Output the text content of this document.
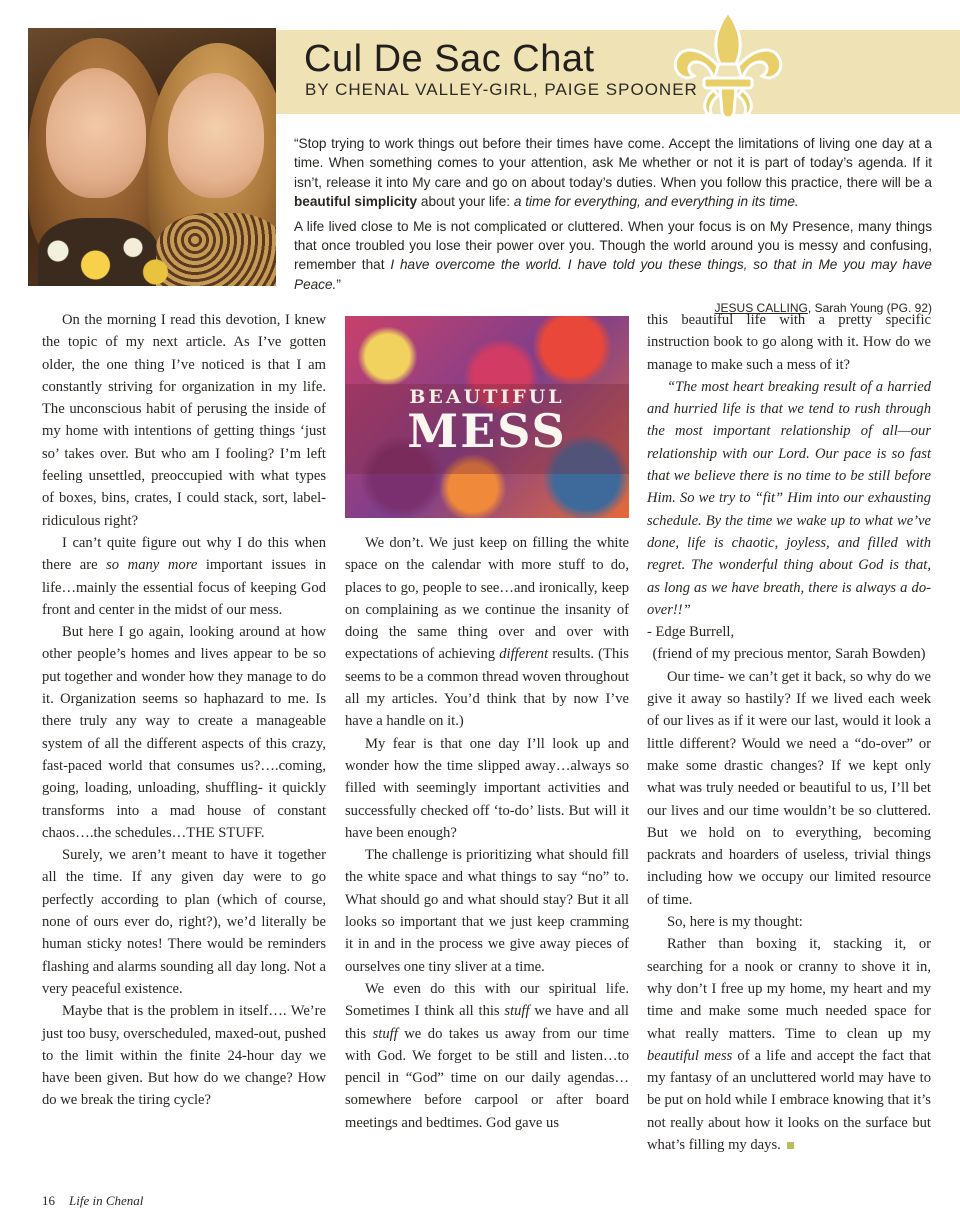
Cul De Sac Chat
BY CHENAL VALLEY-GIRL, PAIGE SPOONER

“Stop trying to work things out before their times have come. Accept the limitations of living one day at a time. When something comes to your attention, ask Me whether or not it is part of today’s agenda. If it isn’t, release it into My care and go on about today’s duties. When you follow this practice, there will be a beautiful simplicity about your life: a time for everything, and everything in its time.

A life lived close to Me is not complicated or cluttered. When your focus is on My Presence, many things that once troubled you lose their power over you. Though the world around you is messy and confusing, remember that I have overcome the world. I have told you these things, so that in Me you may have Peace.”

JESUS CALLING, Sarah Young (PG. 92)

On the morning I read this devotion, I knew the topic of my next article. As I’ve gotten older, the one thing I’ve noticed is that I am constantly striving for organization in my life. The unconscious habit of perusing the inside of my home with intentions of getting things ‘just so’ takes over. But who am I fooling? I’m left feeling unsettled, preoccupied with what types of boxes, bins, crates, I could stack, sort, label- ridiculous right?

I can’t quite figure out why I do this when there are so many more important issues in life…mainly the essential focus of keeping God front and center in the midst of our mess.

But here I go again, looking around at how other people’s homes and lives appear to be so put together and wonder how they manage to do it. Organization seems so haphazard to me. Is there truly any way to create a manageable system of all the different aspects of this crazy, fast-paced world that consumes us?….coming, going, loading, unloading, shuffling- it quickly transforms into a mad house of constant chaos….the schedules…THE STUFF.

Surely, we aren’t meant to have it together all the time. If any given day were to go perfectly according to plan (which of course, none of ours ever do, right?), we’d literally be human sticky notes! There would be reminders flashing and alarms sounding all day long. Not a very peaceful existence.

Maybe that is the problem in itself…. We’re just too busy, overscheduled, maxed-out, pushed to the limit within the finite 24-hour day we have been given. But how do we change? How do we break the tiring cycle?

BEAUTIFUL
MESS

We don’t. We just keep on filling the white space on the calendar with more stuff to do, places to go, people to see…and ironically, keep on complaining as we continue the insanity of doing the same thing over and over with expectations of achieving different results. (This seems to be a common thread woven throughout all my articles. You’d think that by now I’ve have a handle on it.)

My fear is that one day I’ll look up and wonder how the time slipped away…always so filled with seemingly important activities and successfully checked off ‘to-do’ lists. But will it have been enough?

The challenge is prioritizing what should fill the white space and what things to say “no” to. What should go and what should stay? But it all looks so important that we just keep cramming it in and in the process we give away pieces of ourselves one tiny sliver at a time.

We even do this with our spiritual life. Sometimes I think all this stuff we have and all this stuff we do takes us away from our time with God. We forget to be still and listen…to pencil in “God” time on our daily agendas…somewhere before carpool or after board meetings and bedtimes. God gave us

this beautiful life with a pretty specific instruction book to go along with it. How do we manage to make such a mess of it?

“The most heart breaking result of a harried and hurried life is that we tend to rush through the most important relationship of all—our relationship with our Lord. Our pace is so fast that we believe there is no time to be still before Him. So we try to “fit” Him into our exhausting schedule. By the time we wake up to what we’ve done, life is chaotic, joyless, and filled with regret. The wonderful thing about God is that, as long as we have breath, there is always a do-over!!”

- Edge Burrell,

(friend of my precious mentor, Sarah Bowden)

Our time- we can’t get it back, so why do we give it away so hastily? If we lived each week of our lives as if it were our last, would it look a little different? Would we need a “do-over” or make some drastic changes? If we kept only what was truly needed or beautiful to us, I’ll bet our lives and our time wouldn’t be so cluttered. But we hold on to everything, becoming packrats and hoarders of useless, trivial things including how we occupy our limited resource of time.

So, here is my thought:

Rather than boxing it, stacking it, or searching for a nook or cranny to shove it in, why don’t I free up my home, my heart and my time and make some much needed space for what really matters. Time to clean up my beautiful mess of a life and accept the fact that my fantasy of an uncluttered world may have to be put on hold while I embrace knowing that it’s not really about how it looks on the surface but what’s filling my days.

16 Life in Chenal
